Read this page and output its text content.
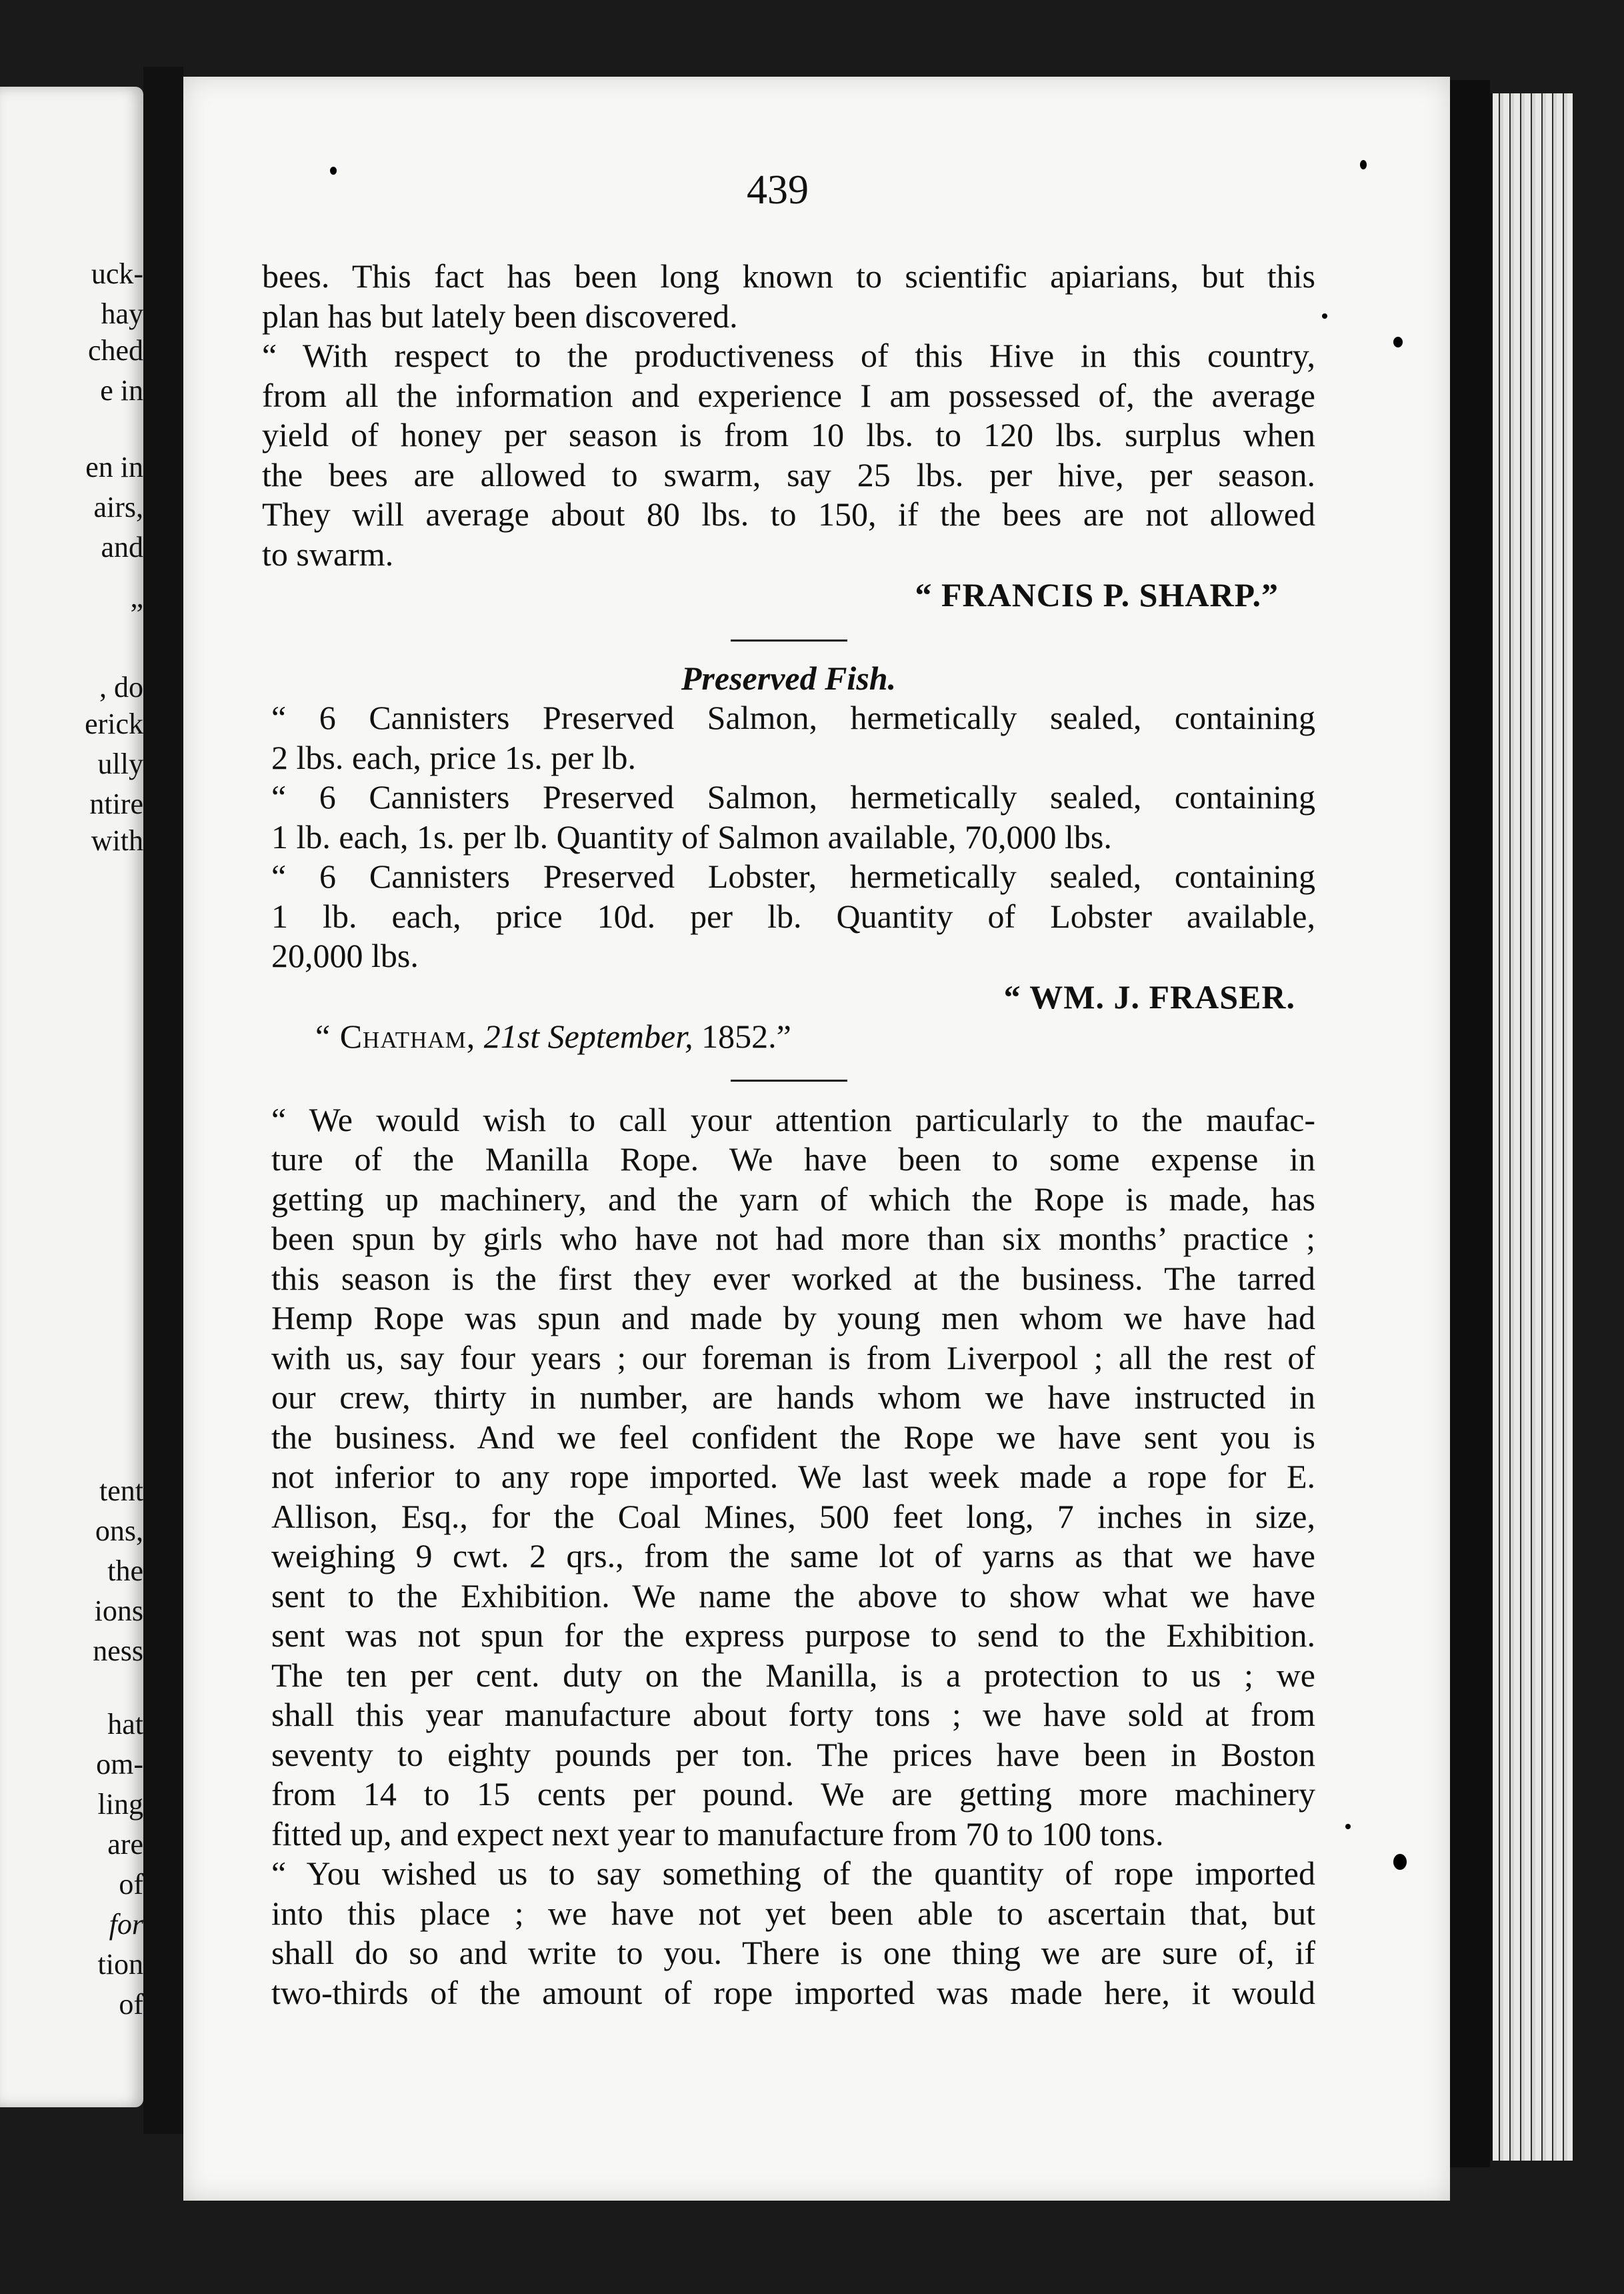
uck-
hay
ched
e in
en in
airs,
and
”
, do
erick
ully
ntire
with
tent
ons,
the
ions
ness
hat
om-
ling
are
of
for
tion
of
439
bees. This fact has been long known to scientific apiarians, but this
plan has but lately been discovered.
“ With respect to the productiveness of this Hive in this country,
from all the information and experience I am possessed of, the average
yield of honey per season is from 10 lbs. to 120 lbs. surplus when
the bees are allowed to swarm, say 25 lbs. per hive, per season.
They will average about 80 lbs. to 150, if the bees are not allowed
to swarm.
“ FRANCIS P. SHARP.”
Preserved Fish.
“ 6 Cannisters Preserved Salmon, hermetically sealed, containing
2 lbs. each, price 1s. per lb.
“ 6 Cannisters Preserved Salmon, hermetically sealed, containing
1 lb. each, 1s. per lb. Quantity of Salmon available, 70,000 lbs.
“ 6 Cannisters Preserved Lobster, hermetically sealed, containing
1 lb. each, price 10d. per lb. Quantity of Lobster available,
20,000 lbs.
“ WM. J. FRASER.
“ Chatham, 21st September, 1852.”
“ We would wish to call your attention particularly to the maufac-
ture of the Manilla Rope. We have been to some expense in
getting up machinery, and the yarn of which the Rope is made, has
been spun by girls who have not had more than six months’ practice ;
this season is the first they ever worked at the business. The tarred
Hemp Rope was spun and made by young men whom we have had
with us, say four years ; our foreman is from Liverpool ; all the rest of
our crew, thirty in number, are hands whom we have instructed in
the business. And we feel confident the Rope we have sent you is
not inferior to any rope imported. We last week made a rope for E.
Allison, Esq., for the Coal Mines, 500 feet long, 7 inches in size,
weighing 9 cwt. 2 qrs., from the same lot of yarns as that we have
sent to the Exhibition. We name the above to show what we have
sent was not spun for the express purpose to send to the Exhibition.
The ten per cent. duty on the Manilla, is a protection to us ; we
shall this year manufacture about forty tons ; we have sold at from
seventy to eighty pounds per ton. The prices have been in Boston
from 14 to 15 cents per pound. We are getting more machinery
fitted up, and expect next year to manufacture from 70 to 100 tons.
“ You wished us to say something of the quantity of rope imported
into this place ; we have not yet been able to ascertain that, but
shall do so and write to you. There is one thing we are sure of, if
two-thirds of the amount of rope imported was made here, it would
